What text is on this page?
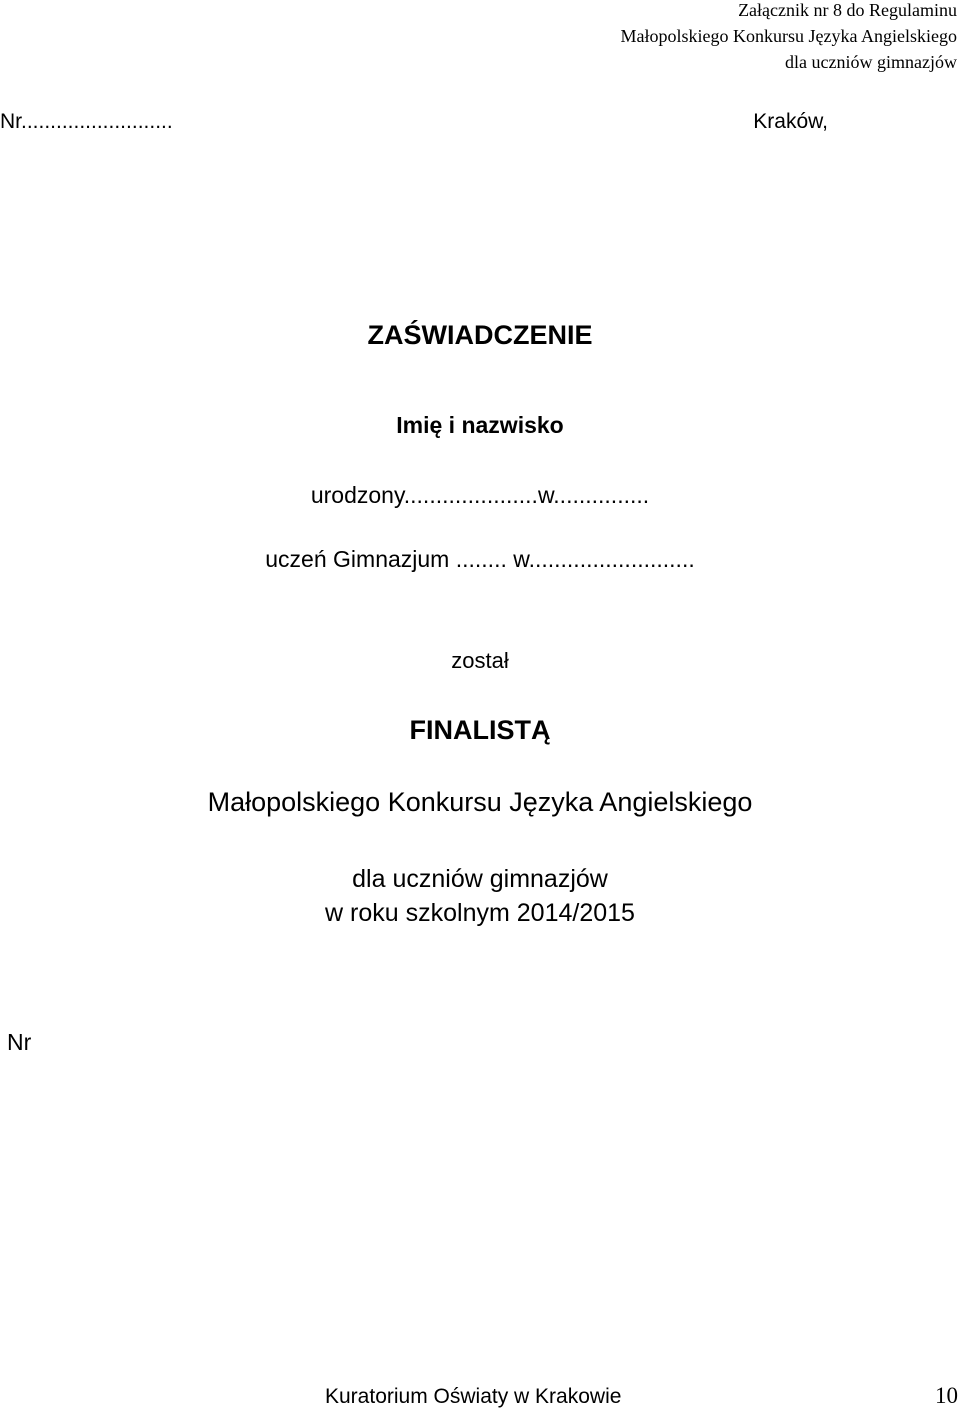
Załącznik nr 8 do Regulaminu
Małopolskiego Konkursu Języka Angielskiego
dla uczniów gimnazjów
Nr..........................	Kraków,
ZAŚWIADCZENIE
Imię i nazwisko
urodzony.....................w...............
uczeń Gimnazjum ........ w..........................
został
FINALISTĄ
Małopolskiego Konkursu Języka Angielskiego
dla uczniów gimnazjów
w roku szkolnym 2014/2015
Nr
Kuratorium Oświaty w Krakowie	10
